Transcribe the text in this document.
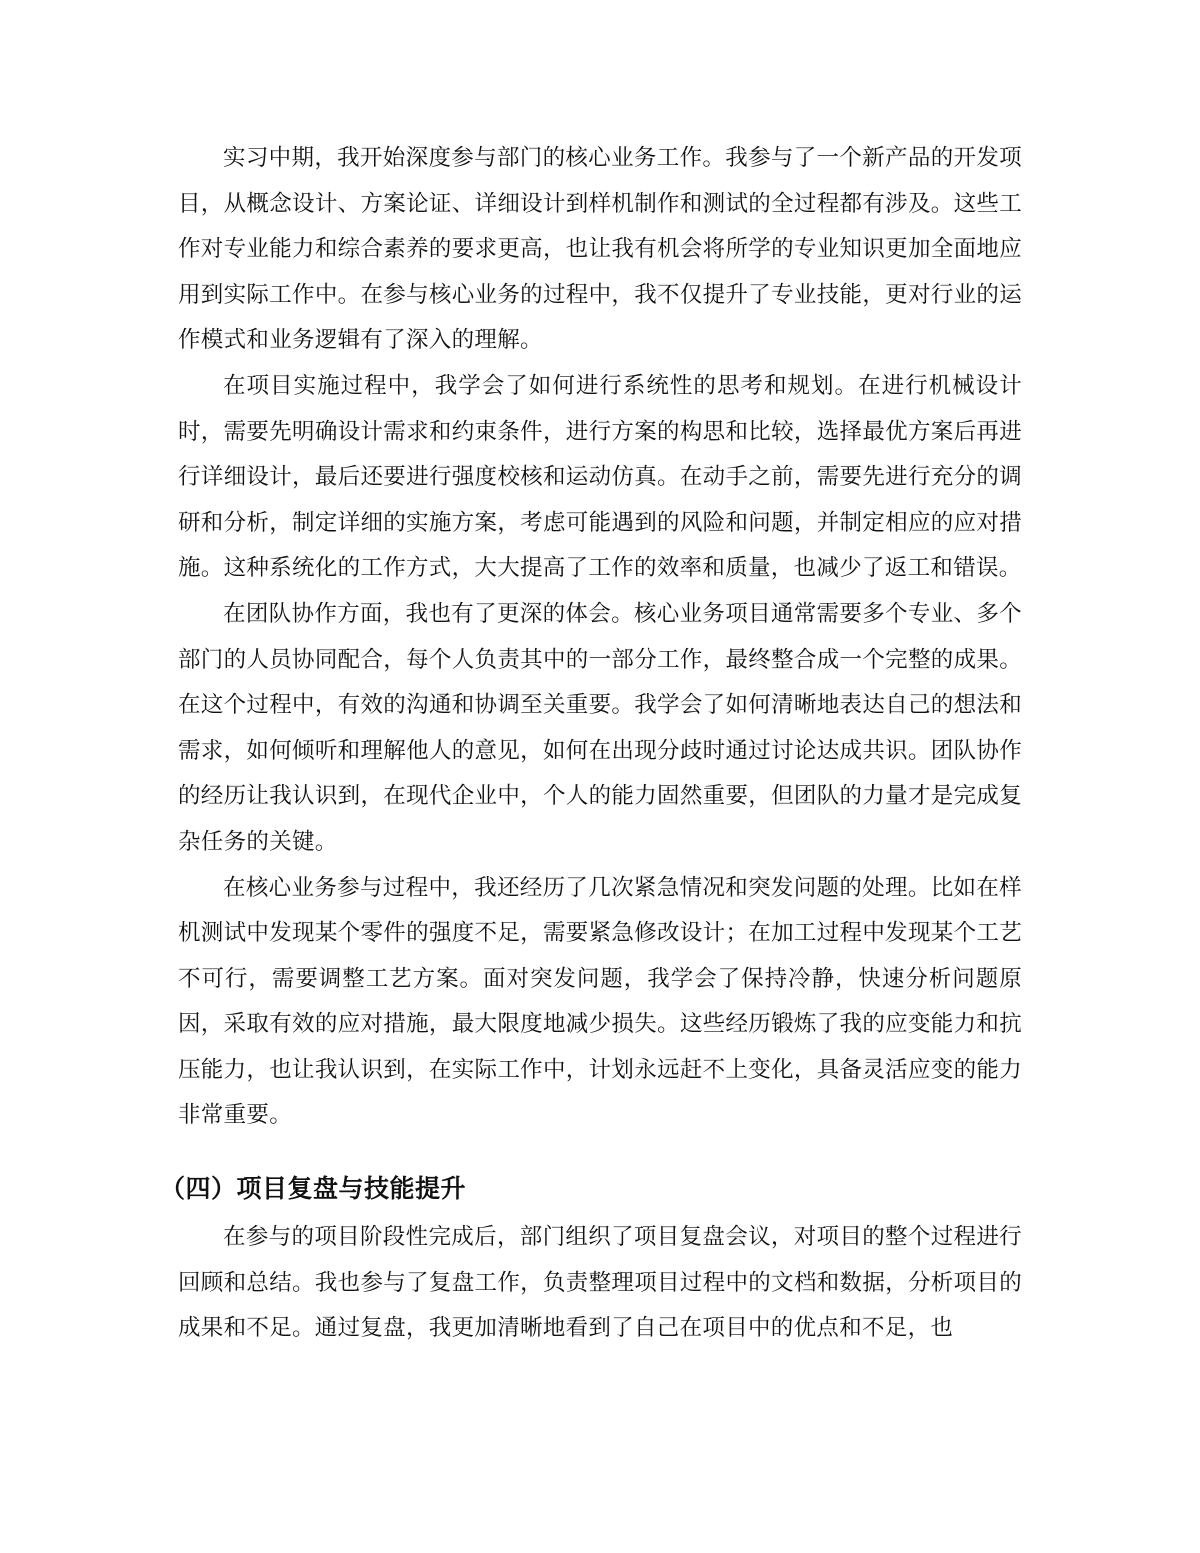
实习中期，我开始深度参与部门的核心业务工作。我参与了一个新产品的开发项目，从概念设计、方案论证、详细设计到样机制作和测试的全过程都有涉及。这些工作对专业能力和综合素养的要求更高，也让我有机会将所学的专业知识更加全面地应用到实际工作中。在参与核心业务的过程中，我不仅提升了专业技能，更对行业的运作模式和业务逻辑有了深入的理解。

在项目实施过程中，我学会了如何进行系统性的思考和规划。在进行机械设计时，需要先明确设计需求和约束条件，进行方案的构思和比较，选择最优方案后再进行详细设计，最后还要进行强度校核和运动仿真。在动手之前，需要先进行充分的调研和分析，制定详细的实施方案，考虑可能遇到的风险和问题，并制定相应的应对措施。这种系统化的工作方式，大大提高了工作的效率和质量，也减少了返工和错误。

在团队协作方面，我也有了更深的体会。核心业务项目通常需要多个专业、多个部门的人员协同配合，每个人负责其中的一部分工作，最终整合成一个完整的成果。在这个过程中，有效的沟通和协调至关重要。我学会了如何清晰地表达自己的想法和需求，如何倾听和理解他人的意见，如何在出现分歧时通过讨论达成共识。团队协作的经历让我认识到，在现代企业中，个人的能力固然重要，但团队的力量才是完成复杂任务的关键。

在核心业务参与过程中，我还经历了几次紧急情况和突发问题的处理。比如在样机测试中发现某个零件的强度不足，需要紧急修改设计；在加工过程中发现某个工艺不可行，需要调整工艺方案。面对突发问题，我学会了保持冷静，快速分析问题原因，采取有效的应对措施，最大限度地减少损失。这些经历锻炼了我的应变能力和抗压能力，也让我认识到，在实际工作中，计划永远赶不上变化，具备灵活应变的能力非常重要。

（四）项目复盘与技能提升

在参与的项目阶段性完成后，部门组织了项目复盘会议，对项目的整个过程进行回顾和总结。我也参与了复盘工作，负责整理项目过程中的文档和数据，分析项目的成果和不足。通过复盘，我更加清晰地看到了自己在项目中的优点和不足，也
